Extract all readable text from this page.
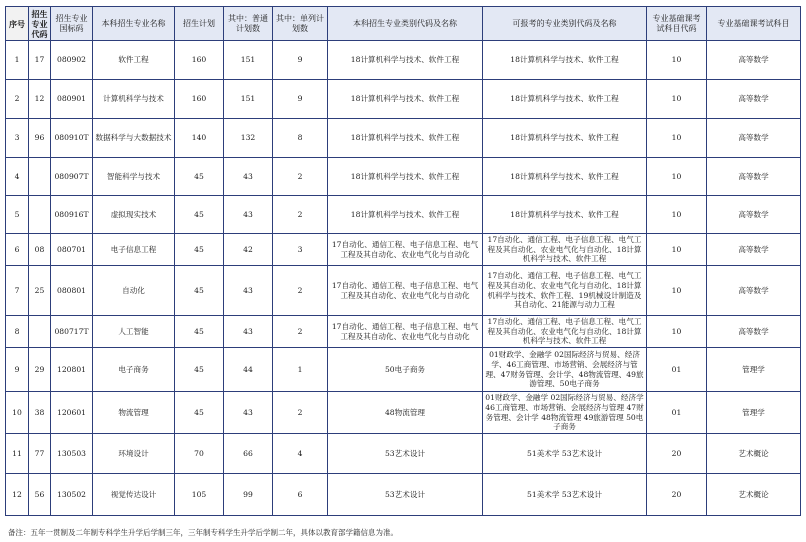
序号	招生专业代码	招生专业国标码	本科招生专业名称	招生计划	其中：普通计划数	其中：单列计划数	本科招生专业类别代码及名称	可报考的专业类别代码及名称	专业基础课考试科目代码	专业基础课考试科目
1	17	080902	软件工程	160	151	9	18计算机科学与技术、软件工程	18计算机科学与技术、软件工程	10	高等数学
2	12	080901	计算机科学与技术	160	151	9	18计算机科学与技术、软件工程	18计算机科学与技术、软件工程	10	高等数学
3	96	080910T	数据科学与大数据技术	140	132	8	18计算机科学与技术、软件工程	18计算机科学与技术、软件工程	10	高等数学
4		080907T	智能科学与技术	45	43	2	18计算机科学与技术、软件工程	18计算机科学与技术、软件工程	10	高等数学
5		080916T	虚拟现实技术	45	43	2	18计算机科学与技术、软件工程	18计算机科学与技术、软件工程	10	高等数学
6	08	080701	电子信息工程	45	42	3	17自动化、通信工程、电子信息工程、电气工程及其自动化、农业电气化与自动化	17自动化、通信工程、电子信息工程、电气工程及其自动化、农业电气化与自动化、18计算机科学与技术、软件工程	10	高等数学
7	25	080801	自动化	45	43	2	17自动化、通信工程、电子信息工程、电气工程及其自动化、农业电气化与自动化	17自动化、通信工程、电子信息工程、电气工程及其自动化、农业电气化与自动化、18计算机科学与技术、软件工程、19机械设计制造及其自动化、21能源与动力工程	10	高等数学
8		080717T	人工智能	45	43	2	17自动化、通信工程、电子信息工程、电气工程及其自动化、农业电气化与自动化	17自动化、通信工程、电子信息工程、电气工程及其自动化、农业电气化与自动化、18计算机科学与技术、软件工程	10	高等数学
9	29	120801	电子商务	45	44	1	50电子商务	01财政学、金融学 02国际经济与贸易、经济学、46工商管理、市场营销、会展经济与管理、47财务管理、会计学、48物流管理、49旅游管理、50电子商务	01	管理学
10	38	120601	物流管理	45	43	2	48物流管理	01财政学、金融学 02国际经济与贸易、经济学 46工商管理、市场营销、会展经济与管理 47财务管理、会计学 48物流管理 49旅游管理 50电子商务	01	管理学
11	77	130503	环境设计	70	66	4	53艺术设计	51美术学 53艺术设计	20	艺术概论
12	56	130502	视觉传达设计	105	99	6	53艺术设计	51美术学 53艺术设计	20	艺术概论
备注：五年一贯制及二年制专科学生升学后学制三年，三年制专科学生升学后学制二年，具体以教育部学籍信息为准。
